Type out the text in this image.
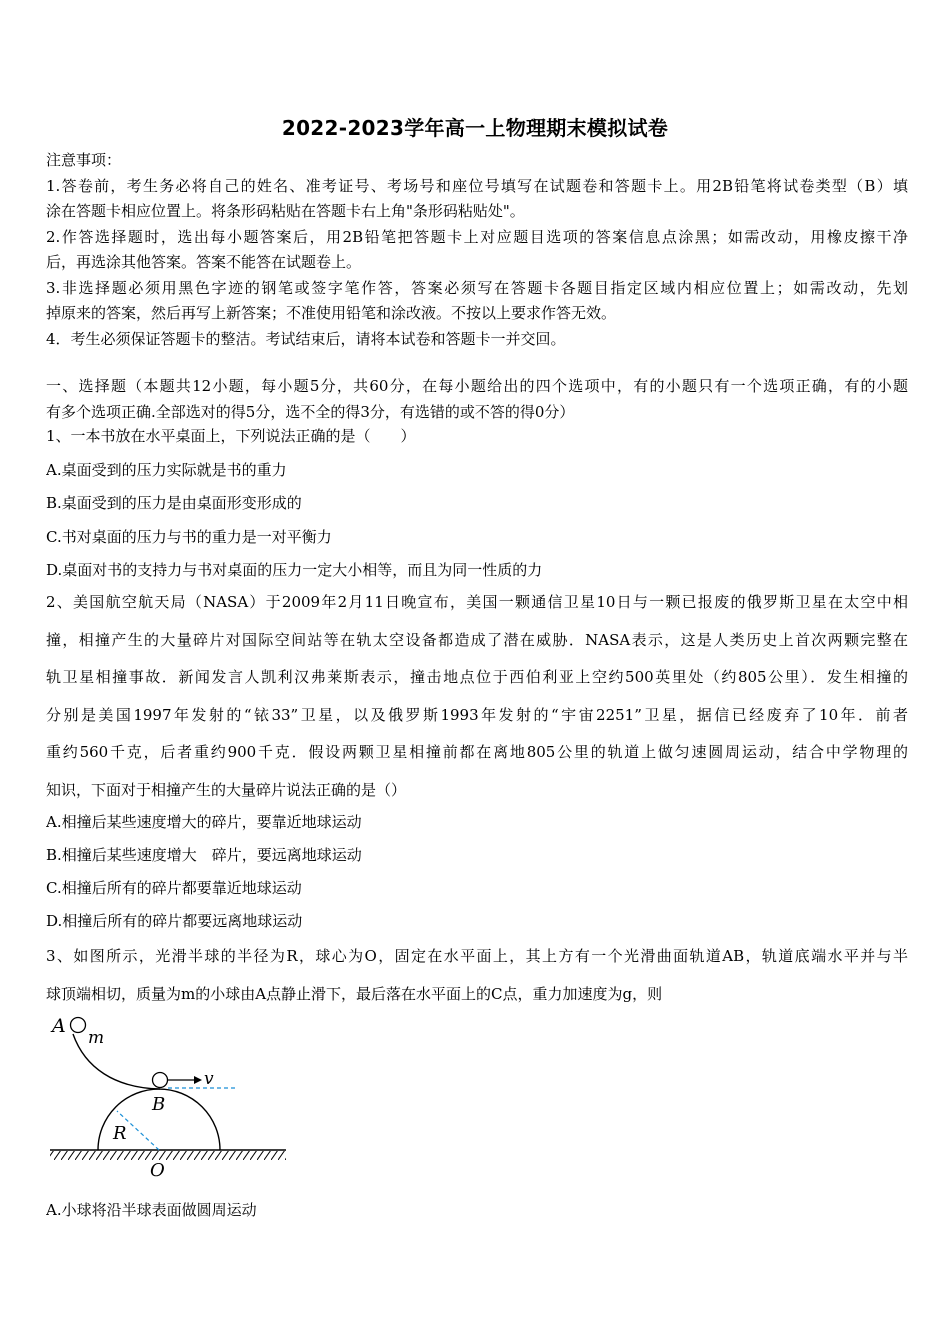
2022-2023学年高一上物理期末模拟试卷
注意事项：
1.答卷前，考生务必将自己的姓名、准考证号、考场号和座位号填写在试题卷和答题卡上。用2B铅笔将试卷类型（B）填
涂在答题卡相应位置上。将条形码粘贴在答题卡右上角"条形码粘贴处"。
2.作答选择题时，选出每小题答案后，用2B铅笔把答题卡上对应题目选项的答案信息点涂黑；如需改动，用橡皮擦干净
后，再选涂其他答案。答案不能答在试题卷上。
3.非选择题必须用黑色字迹的钢笔或签字笔作答，答案必须写在答题卡各题目指定区域内相应位置上；如需改动，先划
掉原来的答案，然后再写上新答案；不准使用铅笔和涂改液。不按以上要求作答无效。
4．考生必须保证答题卡的整洁。考试结束后，请将本试卷和答题卡一并交回。
一、选择题（本题共12小题，每小题5分，共60分，在每小题给出的四个选项中，有的小题只有一个选项正确，有的小题
有多个选项正确.全部选对的得5分，选不全的得3分，有选错的或不答的得0分）
1、一本书放在水平桌面上，下列说法正确的是（　　）
A.桌面受到的压力实际就是书的重力
B.桌面受到的压力是由桌面形变形成的
C.书对桌面的压力与书的重力是一对平衡力
D.桌面对书的支持力与书对桌面的压力一定大小相等，而且为同一性质的力
2、美国航空航天局（NASA）于2009年2月11日晚宣布，美国一颗通信卫星10日与一颗已报废的俄罗斯卫星在太空中相
撞，相撞产生的大量碎片对国际空间站等在轨太空设备都造成了潜在威胁．NASA表示，这是人类历史上首次两颗完整在
轨卫星相撞事故．新闻发言人凯利汉弗莱斯表示，撞击地点位于西伯利亚上空约500英里处（约805公里）．发生相撞的
分别是美国1997年发射的“铱33”卫星，以及俄罗斯1993年发射的“宇宙2251”卫星，据信已经废弃了10年．前者
重约560千克，后者重约900千克．假设两颗卫星相撞前都在离地805公里的轨道上做匀速圆周运动，结合中学物理的
知识，下面对于相撞产生的大量碎片说法正确的是（）
A.相撞后某些速度增大的碎片，要靠近地球运动
B.相撞后某些速度增大　碎片，要远离地球运动
C.相撞后所有的碎片都要靠近地球运动
D.相撞后所有的碎片都要远离地球运动
3、如图所示，光滑半球的半径为R，球心为O，固定在水平面上，其上方有一个光滑曲面轨道AB，轨道底端水平并与半
球顶端相切，质量为m的小球由A点静止滑下，最后落在水平面上的C点，重力加速度为g，则
A
m
v
B
R
O
A.小球将沿半球表面做圆周运动
